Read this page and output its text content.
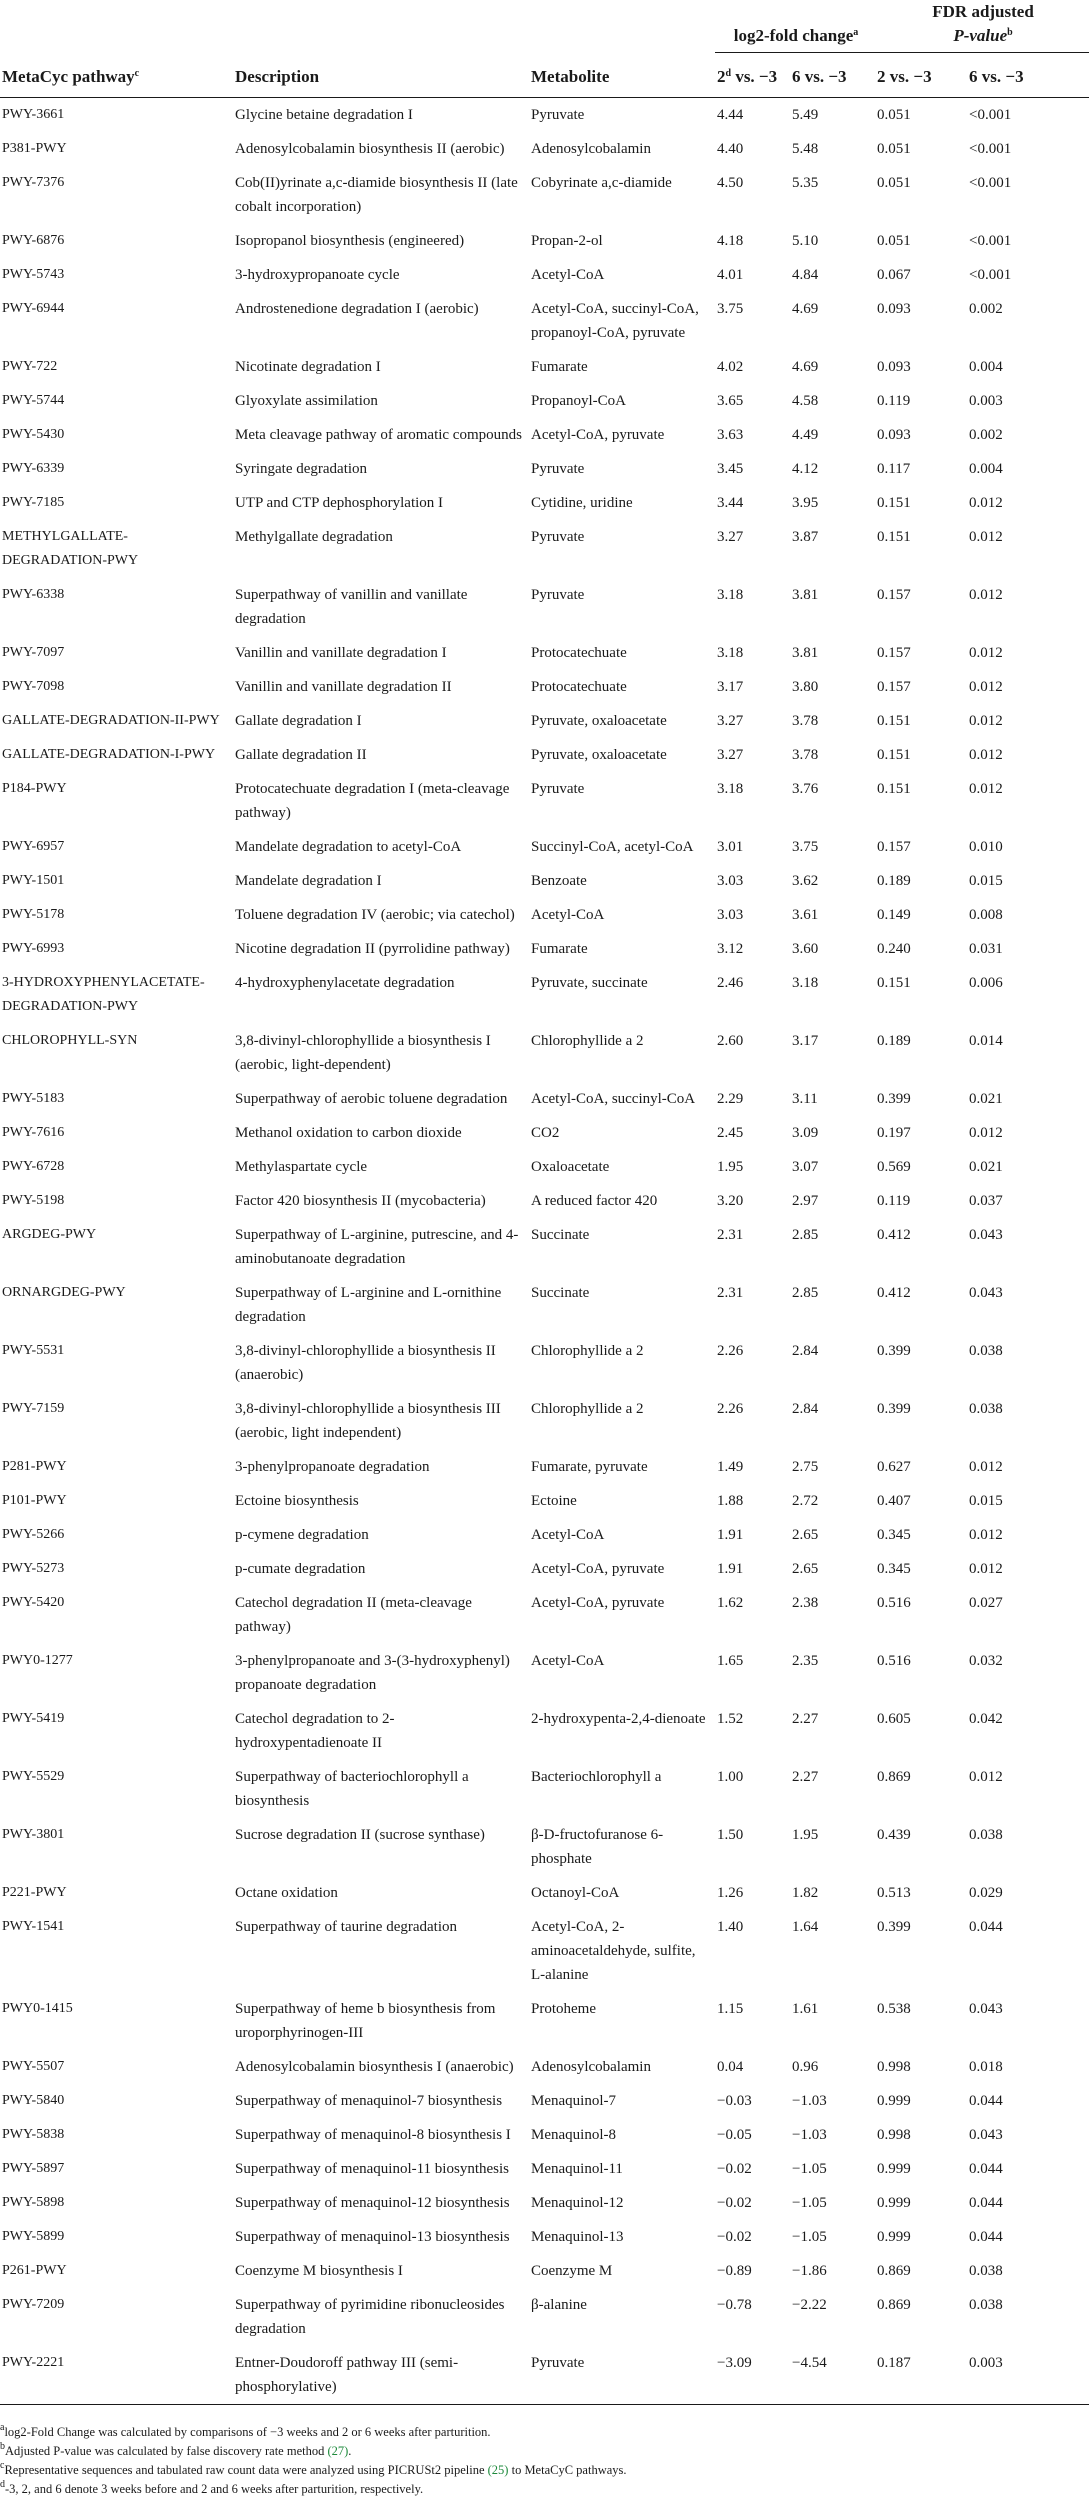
			log2-fold change$^a$		FDR adjusted
P-value$^b$
MetaCyc pathway$^c$	Description	Metabolite	2$^d$ vs. −3	6 vs. −3	2 vs. −3	6 vs. −3
PWY-3661	Glycine betaine degradation I	Pyruvate	4.44	5.49	0.051	<0.001
P381-PWY	Adenosylcobalamin biosynthesis II (aerobic)	Adenosylcobalamin	4.40	5.48	0.051	<0.001
PWY-7376	Cob(II)yrinate a,c-diamide biosynthesis II (late cobalt incorporation)	Cobyrinate a,c-diamide	4.50	5.35	0.051	<0.001
PWY-6876	Isopropanol biosynthesis (engineered)	Propan-2-ol	4.18	5.10	0.051	<0.001
PWY-5743	3-hydroxypropanoate cycle	Acetyl-CoA	4.01	4.84	0.067	<0.001
PWY-6944	Androstenedione degradation I (aerobic)	Acetyl-CoA, succinyl-CoA, propanoyl-CoA, pyruvate	3.75	4.69	0.093	0.002
PWY-722	Nicotinate degradation I	Fumarate	4.02	4.69	0.093	0.004
PWY-5744	Glyoxylate assimilation	Propanoyl-CoA	3.65	4.58	0.119	0.003
PWY-5430	Meta cleavage pathway of aromatic compounds	Acetyl-CoA, pyruvate	3.63	4.49	0.093	0.002
PWY-6339	Syringate degradation	Pyruvate	3.45	4.12	0.117	0.004
PWY-7185	UTP and CTP dephosphorylation I	Cytidine, uridine	3.44	3.95	0.151	0.012
METHYLGALLATE-DEGRADATION-PWY	Methylgallate degradation	Pyruvate	3.27	3.87	0.151	0.012
PWY-6338	Superpathway of vanillin and vanillate degradation	Pyruvate	3.18	3.81	0.157	0.012
PWY-7097	Vanillin and vanillate degradation I	Protocatechuate	3.18	3.81	0.157	0.012
PWY-7098	Vanillin and vanillate degradation II	Protocatechuate	3.17	3.80	0.157	0.012
GALLATE-DEGRADATION-II-PWY	Gallate degradation I	Pyruvate, oxaloacetate	3.27	3.78	0.151	0.012
GALLATE-DEGRADATION-I-PWY	Gallate degradation II	Pyruvate, oxaloacetate	3.27	3.78	0.151	0.012
P184-PWY	Protocatechuate degradation I (meta-cleavage pathway)	Pyruvate	3.18	3.76	0.151	0.012
PWY-6957	Mandelate degradation to acetyl-CoA	Succinyl-CoA, acetyl-CoA	3.01	3.75	0.157	0.010
PWY-1501	Mandelate degradation I	Benzoate	3.03	3.62	0.189	0.015
PWY-5178	Toluene degradation IV (aerobic; via catechol)	Acetyl-CoA	3.03	3.61	0.149	0.008
PWY-6993	Nicotine degradation II (pyrrolidine pathway)	Fumarate	3.12	3.60	0.240	0.031
3-HYDROXYPHENYLACETATE-DEGRADATION-PWY	4-hydroxyphenylacetate degradation	Pyruvate, succinate	2.46	3.18	0.151	0.006
CHLOROPHYLL-SYN	3,8-divinyl-chlorophyllide a biosynthesis I (aerobic, light-dependent)	Chlorophyllide a 2	2.60	3.17	0.189	0.014
PWY-5183	Superpathway of aerobic toluene degradation	Acetyl-CoA, succinyl-CoA	2.29	3.11	0.399	0.021
PWY-7616	Methanol oxidation to carbon dioxide	CO2	2.45	3.09	0.197	0.012
PWY-6728	Methylaspartate cycle	Oxaloacetate	1.95	3.07	0.569	0.021
PWY-5198	Factor 420 biosynthesis II (mycobacteria)	A reduced factor 420	3.20	2.97	0.119	0.037
ARGDEG-PWY	Superpathway of L-arginine, putrescine, and 4-aminobutanoate degradation	Succinate	2.31	2.85	0.412	0.043
ORNARGDEG-PWY	Superpathway of L-arginine and L-ornithine degradation	Succinate	2.31	2.85	0.412	0.043
PWY-5531	3,8-divinyl-chlorophyllide a biosynthesis II (anaerobic)	Chlorophyllide a 2	2.26	2.84	0.399	0.038
PWY-7159	3,8-divinyl-chlorophyllide a biosynthesis III (aerobic, light independent)	Chlorophyllide a 2	2.26	2.84	0.399	0.038
P281-PWY	3-phenylpropanoate degradation	Fumarate, pyruvate	1.49	2.75	0.627	0.012
P101-PWY	Ectoine biosynthesis	Ectoine	1.88	2.72	0.407	0.015
PWY-5266	p-cymene degradation	Acetyl-CoA	1.91	2.65	0.345	0.012
PWY-5273	p-cumate degradation	Acetyl-CoA, pyruvate	1.91	2.65	0.345	0.012
PWY-5420	Catechol degradation II (meta-cleavage pathway)	Acetyl-CoA, pyruvate	1.62	2.38	0.516	0.027
PWY0-1277	3-phenylpropanoate and 3-(3-hydroxyphenyl) propanoate degradation	Acetyl-CoA	1.65	2.35	0.516	0.032
PWY-5419	Catechol degradation to 2-hydroxypentadienoate II	2-hydroxypenta-2,4-dienoate	1.52	2.27	0.605	0.042
PWY-5529	Superpathway of bacteriochlorophyll a biosynthesis	Bacteriochlorophyll a	1.00	2.27	0.869	0.012
PWY-3801	Sucrose degradation II (sucrose synthase)	β-D-fructofuranose 6-phosphate	1.50	1.95	0.439	0.038
P221-PWY	Octane oxidation	Octanoyl-CoA	1.26	1.82	0.513	0.029
PWY-1541	Superpathway of taurine degradation	Acetyl-CoA, 2-aminoacetaldehyde, sulfite, L-alanine	1.40	1.64	0.399	0.044
PWY0-1415	Superpathway of heme b biosynthesis from uroporphyrinogen-III	Protoheme	1.15	1.61	0.538	0.043
PWY-5507	Adenosylcobalamin biosynthesis I (anaerobic)	Adenosylcobalamin	0.04	0.96	0.998	0.018
PWY-5840	Superpathway of menaquinol-7 biosynthesis	Menaquinol-7	−0.03	−1.03	0.999	0.044
PWY-5838	Superpathway of menaquinol-8 biosynthesis I	Menaquinol-8	−0.05	−1.03	0.998	0.043
PWY-5897	Superpathway of menaquinol-11 biosynthesis	Menaquinol-11	−0.02	−1.05	0.999	0.044
PWY-5898	Superpathway of menaquinol-12 biosynthesis	Menaquinol-12	−0.02	−1.05	0.999	0.044
PWY-5899	Superpathway of menaquinol-13 biosynthesis	Menaquinol-13	−0.02	−1.05	0.999	0.044
P261-PWY	Coenzyme M biosynthesis I	Coenzyme M	−0.89	−1.86	0.869	0.038
PWY-7209	Superpathway of pyrimidine ribonucleosides degradation	β-alanine	−0.78	−2.22	0.869	0.038
PWY-2221	Entner-Doudoroff pathway III (semi-phosphorylative)	Pyruvate	−3.09	−4.54	0.187	0.003
$^a$log2-Fold Change was calculated by comparisons of −3 weeks and 2 or 6 weeks after parturition.
$^b$Adjusted P-value was calculated by false discovery rate method (27).
$^c$Representative sequences and tabulated raw count data were analyzed using PICRUSt2 pipeline (25) to MetaCyC pathways.
$^d$-3, 2, and 6 denote 3 weeks before and 2 and 6 weeks after parturition, respectively.
